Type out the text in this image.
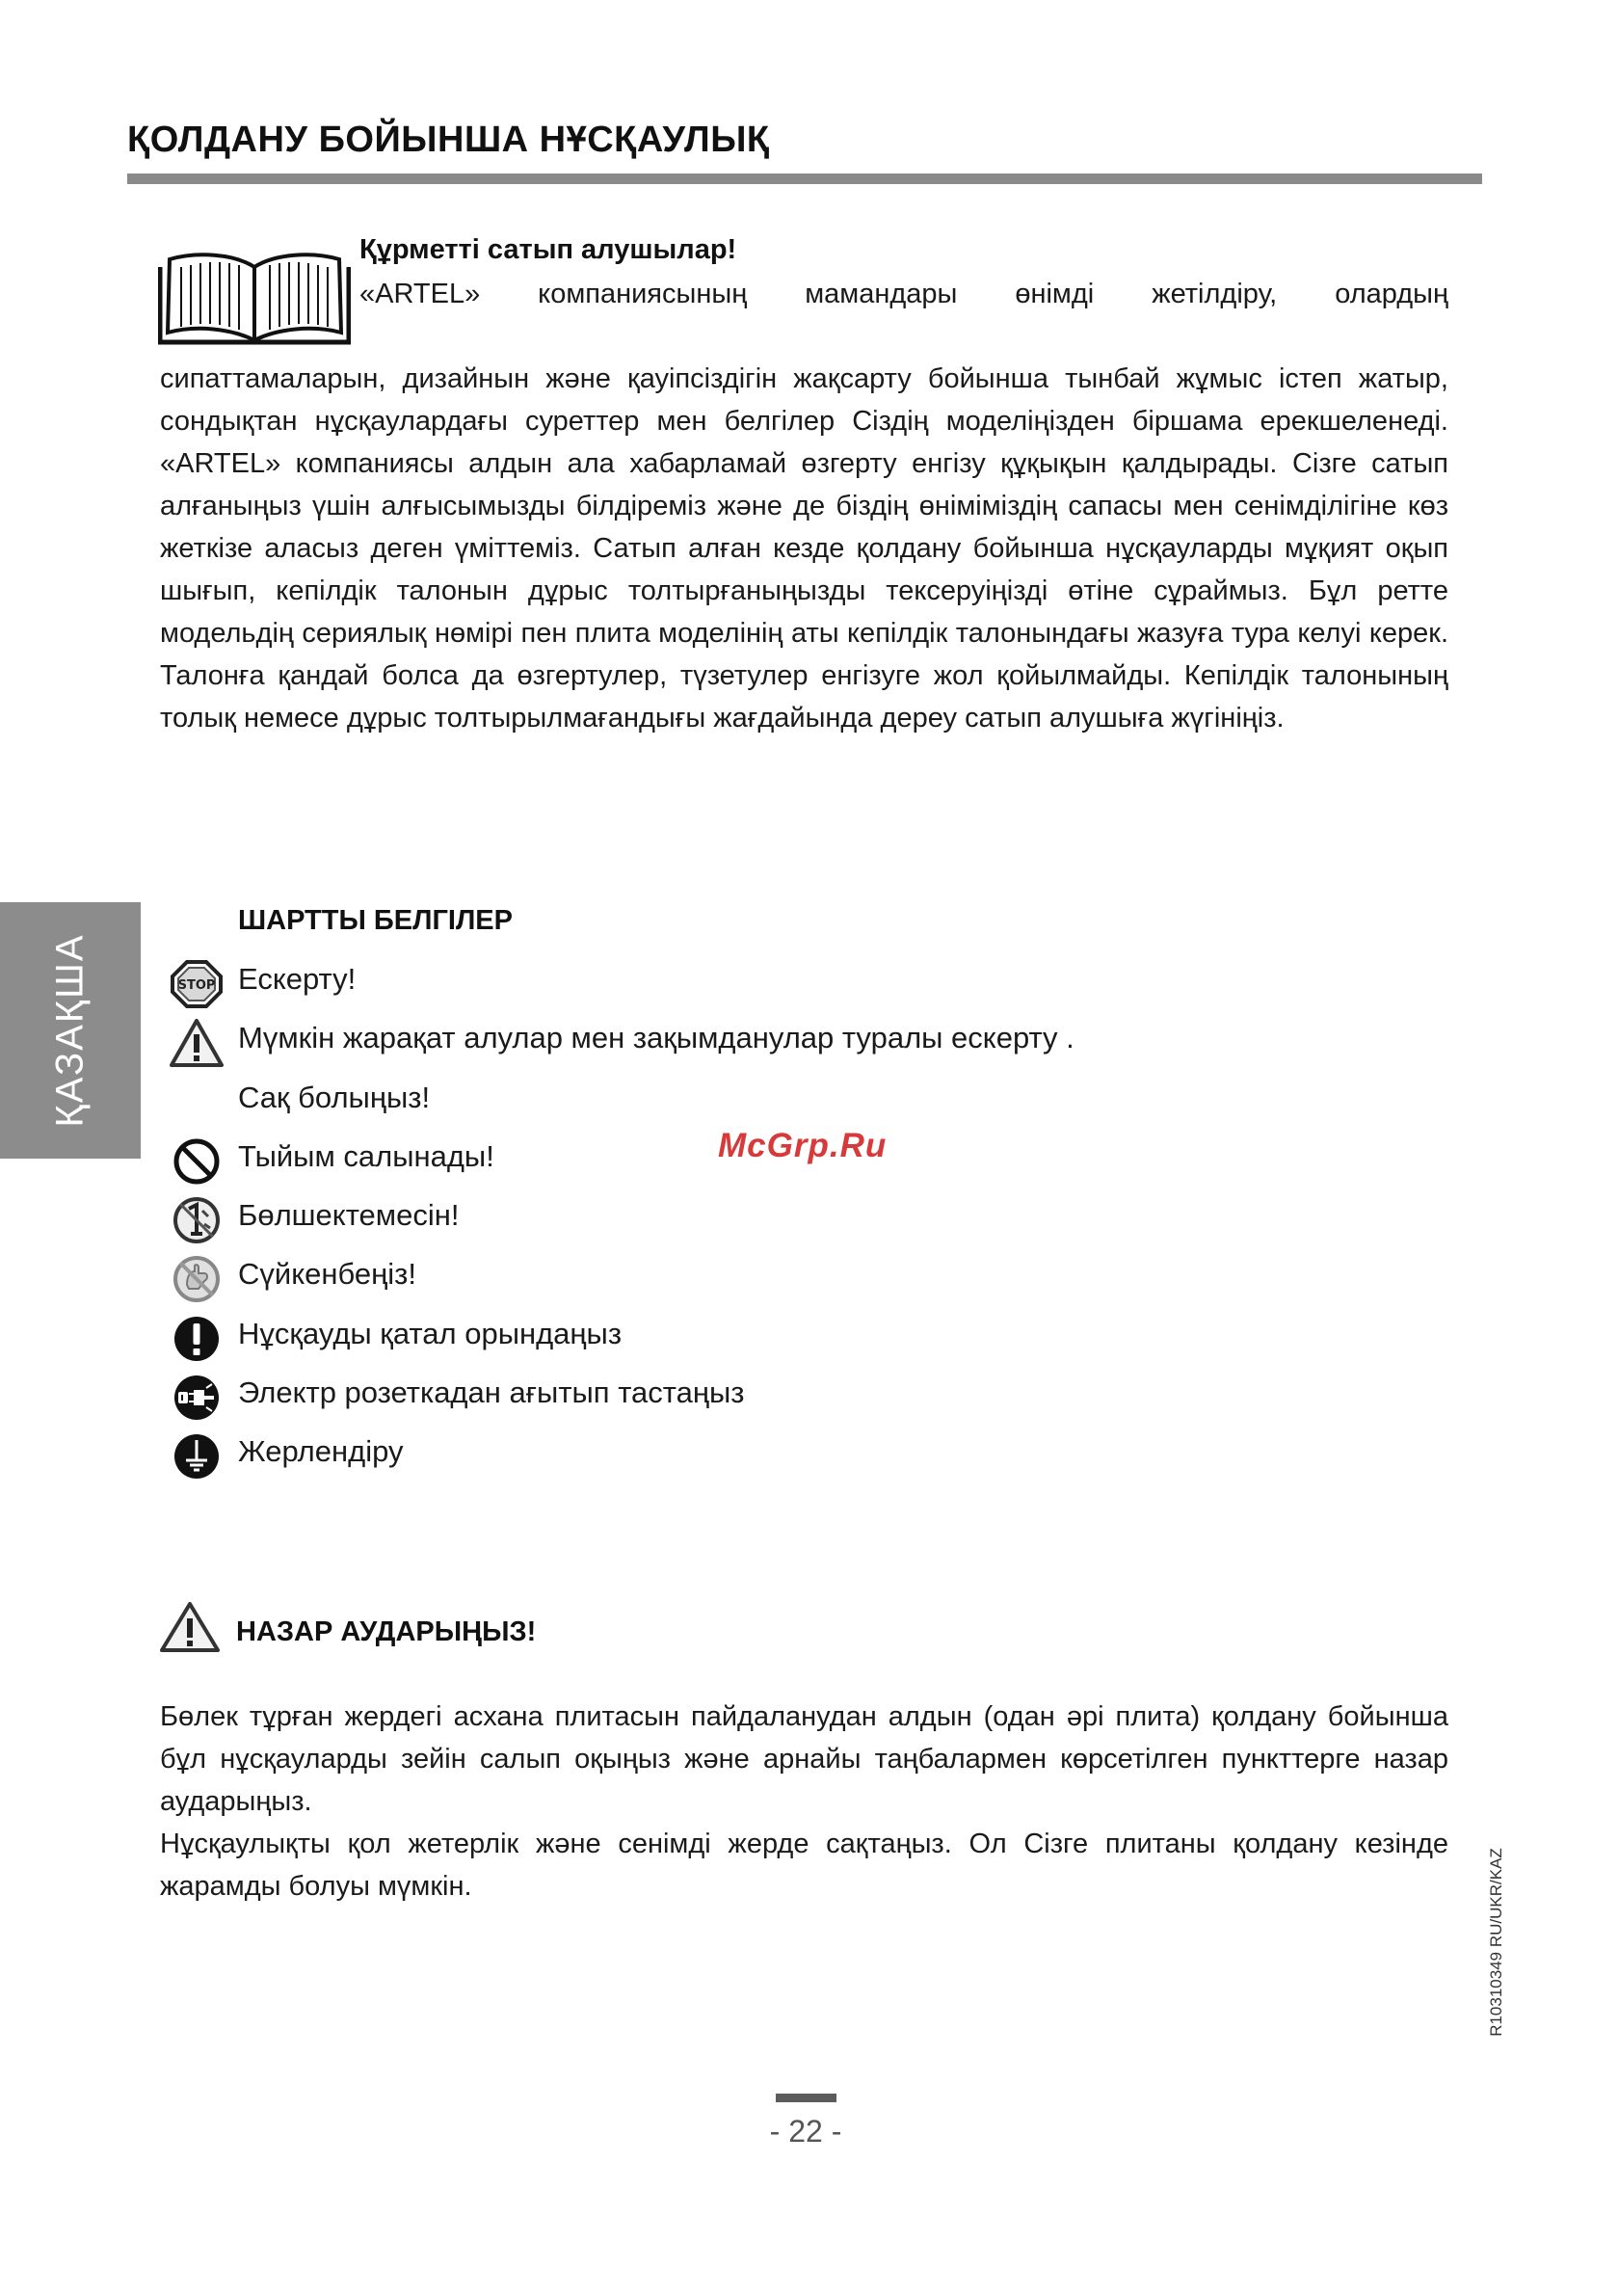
ҚОЛДАНУ БОЙЫНША НҰСҚАУЛЫҚ
Құрметті сатып алушылар!
«ARTEL» компаниясының мамандары өнімді жетілдіру, олардың
сипаттамаларын, дизайнын және қауіпсіздігін жақсарту бойынша тынбай жұмыс істеп жатыр, сондықтан нұсқаулардағы суреттер мен белгілер Сіздің моделіңізден біршама ерекшеленеді. «ARTEL» компаниясы алдын ала хабарламай өзгерту енгізу құқықын қалдырады. Сізге сатып алғаныңыз үшін алғысымызды білдіреміз және де біздің өніміміздің сапасы мен сенімділігіне көз жеткізе аласыз деген үміттеміз. Сатып алған кезде қолдану бойынша нұсқауларды мұқият оқып шығып, кепілдік талонын дұрыс толтырғаныңызды тексеруіңізді өтіне сұраймыз. Бұл ретте модельдің сериялық нөмірі пен плита моделінің аты кепілдік талонындағы жазуға тура келуі керек. Талонға қандай болса да өзгертулер, түзетулер енгізуге жол қойылмайды. Кепілдік талонының толық немесе дұрыс толтырылмағандығы жағдайында дереу сатып алушыға жүгініңіз.
ҚАЗАҚША
ШАРТТЫ БЕЛГІЛЕР
STOP Ескерту!
Мүмкін жарақат алулар мен зақымданулар туралы ескерту .
Сақ болыңыз!
Тыйым салынады!
Бөлшектемесін!
Сүйкенбеңіз!
Нұсқауды қатал орындаңыз
Электр розеткадан ағытып тастаңыз
Жерлендіру
McGrp.Ru
НАЗАР АУДАРЫҢЫЗ!

Бөлек тұрған жердегі асхана плитасын пайдаланудан алдын (одан әрі плита) қолдану бойынша бұл нұсқауларды зейін салып оқыңыз және арнайы таңбалармен көрсетілген пункттерге назар аударыңыз.

Нұсқаулықты қол жетерлік және сенімді жерде сақтаңыз. Ол Сізге плитаны қолдану кезінде жарамды болуы мүмкін.	R10310349 RU/UKR/KAZ
- 22 -
